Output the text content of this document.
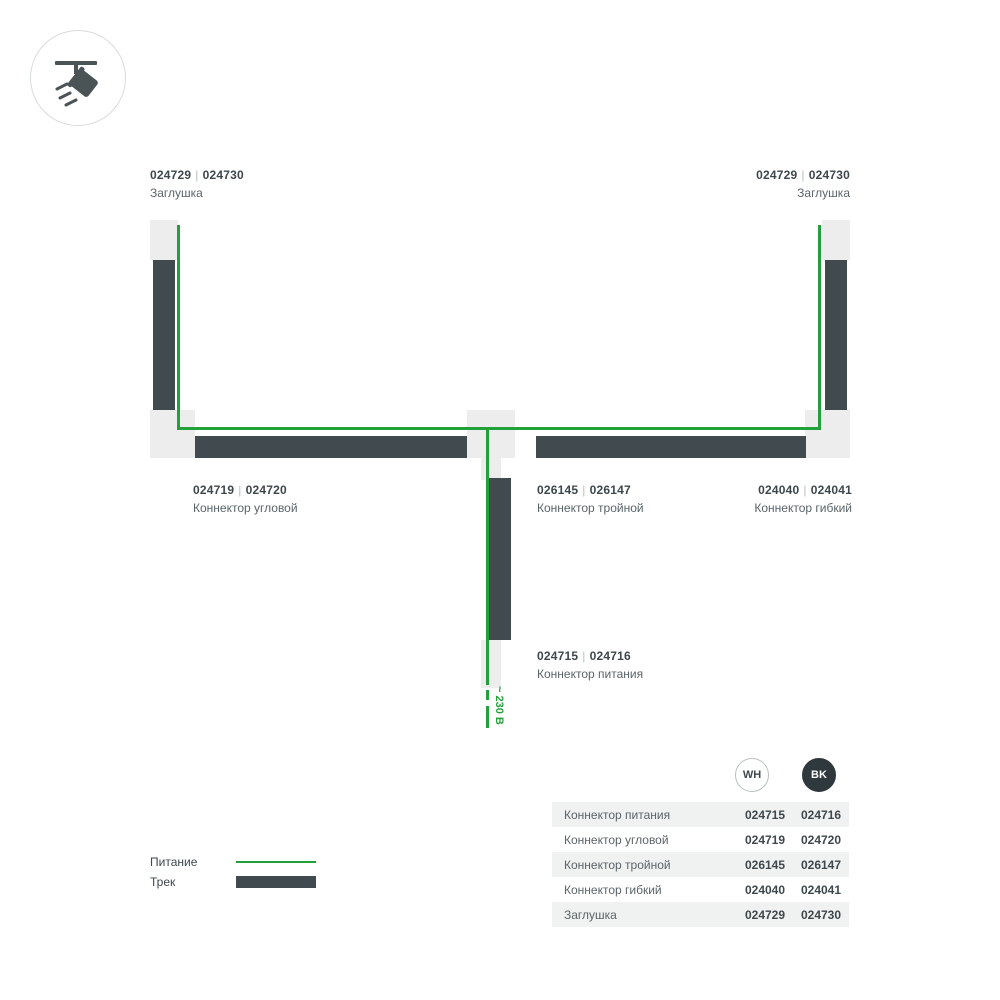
024729 | 024730
Заглушка
024729 | 024730
Заглушка
~ 230 B
024719 | 024720
Коннектор угловой
026145 | 026147
Коннектор тройной
024040 | 024041
Коннектор гибкий
024715 | 024716
Коннектор питания
Питание
Трек
WH	BK
Коннектор питания	024715	024716
Коннектор угловой	024719	024720
Коннектор тройной	026145	026147
Коннектор гибкий	024040	024041
Заглушка	024729	024730
